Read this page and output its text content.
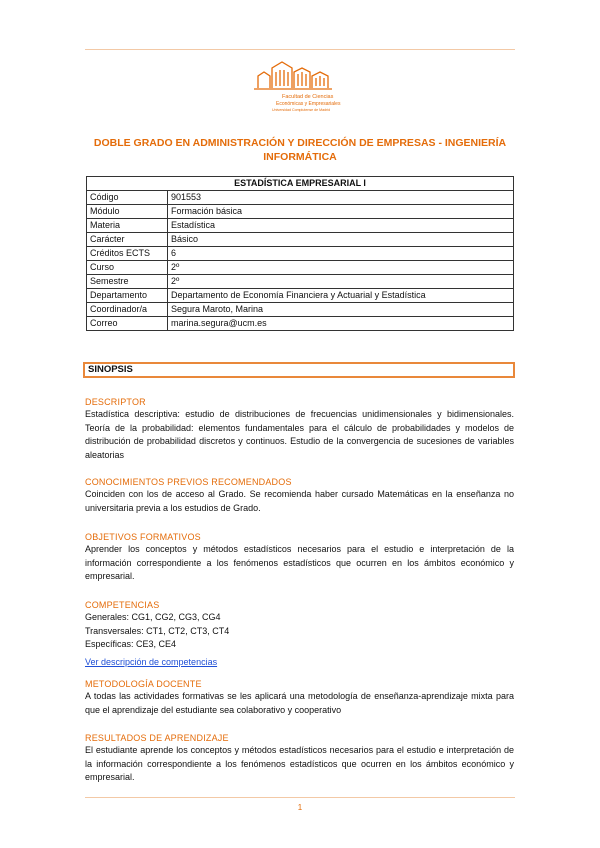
Facultad de Ciencias
Económicas y Empresariales
Universidad Complutense de Madrid
DOBLE GRADO EN ADMINISTRACIÓN Y DIRECCIÓN DE EMPRESAS - INGENIERÍA INFORMÁTICA
ESTADÍSTICA EMPRESARIAL I	
Código	901553
Módulo	Formación básica
Materia	Estadística
Carácter	Básico
Créditos ECTS	6
Curso	2º
Semestre	2º
Departamento	Departamento de Economía Financiera y Actuarial y Estadística
Coordinador/a	Segura Maroto, Marina
Correo	marina.segura@ucm.es
SINOPSIS
DESCRIPTOR

Estadística descriptiva: estudio de distribuciones de frecuencias unidimensionales y bidimensionales. Teoría de la probabilidad: elementos fundamentales para el cálculo de probabilidades y modelos de distribución de probabilidad discretos y continuos. Estudio de la convergencia de sucesiones de variables aleatorias

CONOCIMIENTOS PREVIOS RECOMENDADOS

Coinciden con los de acceso al Grado. Se recomienda haber cursado Matemáticas en la enseñanza no universitaria previa a los estudios de Grado.

OBJETIVOS FORMATIVOS

Aprender los conceptos y métodos estadísticos necesarios para el estudio e interpretación de la información correspondiente a los fenómenos estadísticos que ocurren en los ámbitos económico y empresarial.

COMPETENCIAS
Generales: CG1, CG2, CG3, CG4
Transversales: CT1, CT2, CT3, CT4
Específicas: CE3, CE4
Ver descripción de competencias
METODOLOGÍA DOCENTE

A todas las actividades formativas se les aplicará una metodología de enseñanza-aprendizaje mixta para que el aprendizaje del estudiante sea colaborativo y cooperativo

RESULTADOS DE APRENDIZAJE

El estudiante aprende los conceptos y métodos estadísticos necesarios para el estudio e interpretación de la información correspondiente a los fenómenos estadísticos que ocurren en los ámbitos económico y empresarial.

1
